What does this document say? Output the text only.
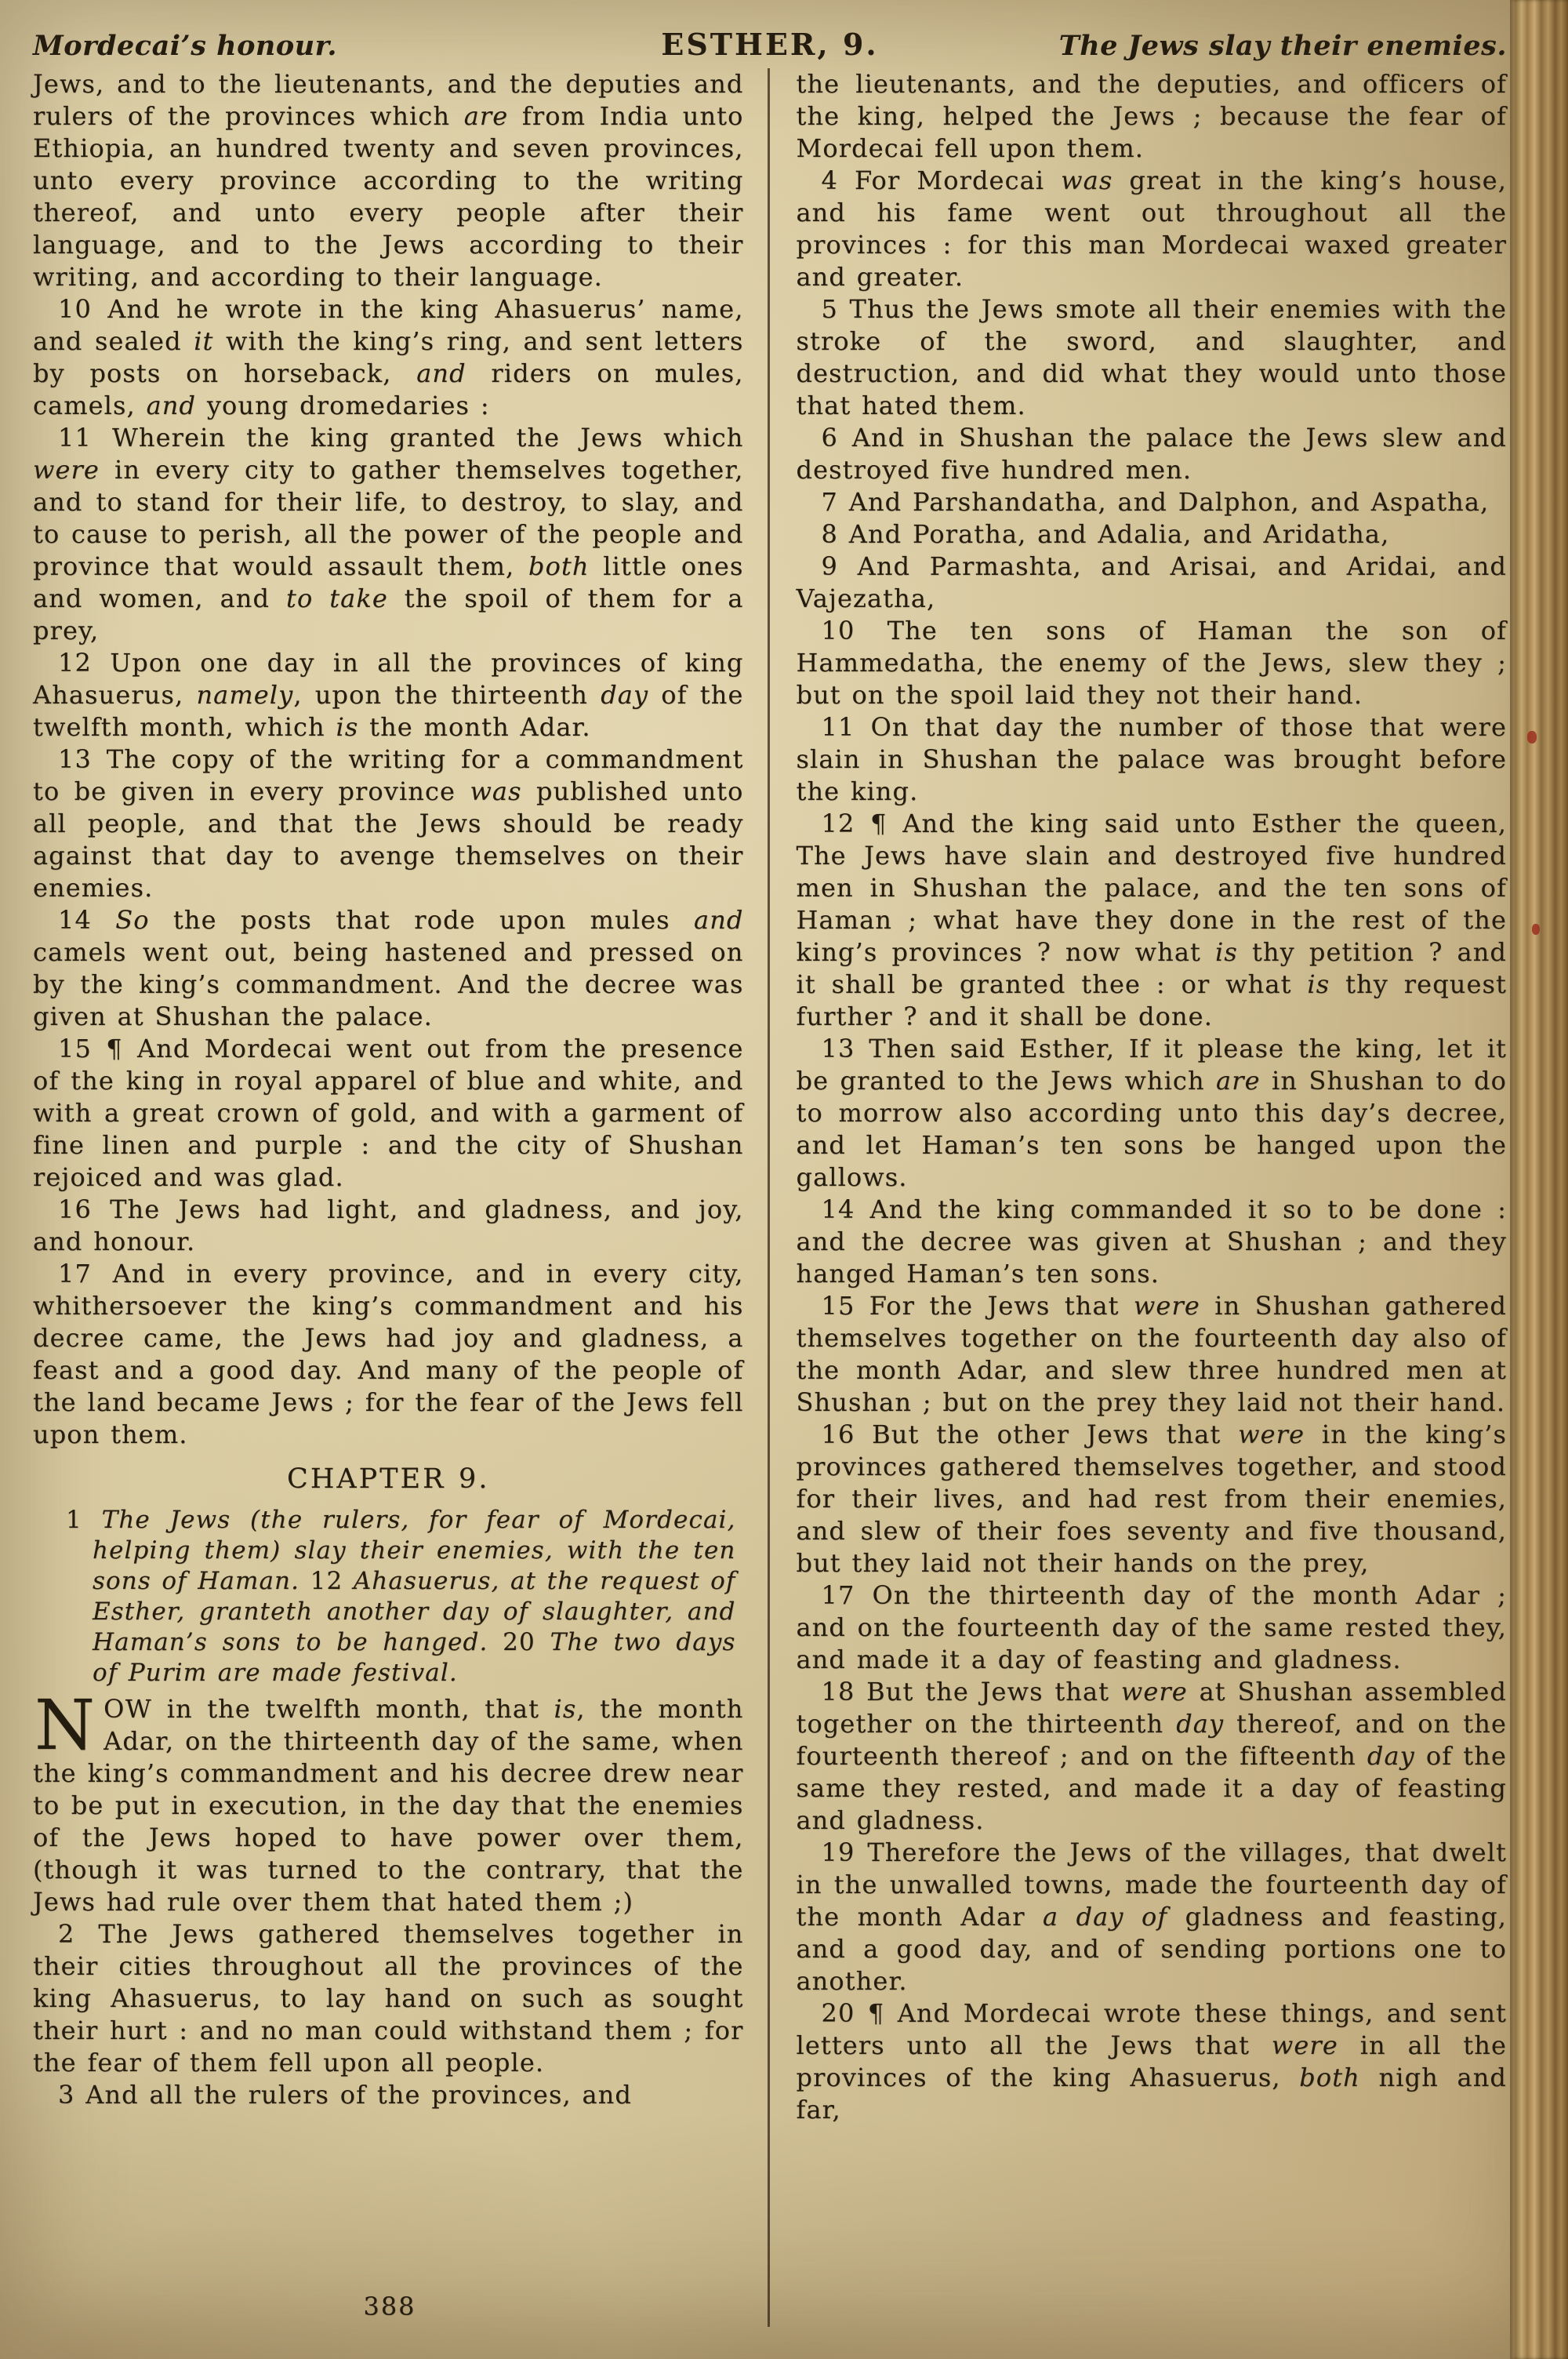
Mordecai’s honour.	ESTHER, 9.	The Jews slay their enemies.

Jews, and to the lieutenants, and the deputies and rulers of the provinces which are from India unto Ethiopia, an hundred twenty and seven provinces, unto every province according to the writing thereof, and unto every people after their language, and to the Jews according to their writing, and according to their language.

10 And he wrote in the king Ahasuerus’ name, and sealed it with the king’s ring, and sent letters by posts on horseback, and riders on mules, camels, and young dromedaries :

11 Wherein the king granted the Jews which were in every city to gather themselves together, and to stand for their life, to destroy, to slay, and to cause to perish, all the power of the people and province that would assault them, both little ones and women, and to take the spoil of them for a prey,

12 Upon one day in all the provinces of king Ahasuerus, namely, upon the thirteenth day of the twelfth month, which is the month Adar.

13 The copy of the writing for a commandment to be given in every province was published unto all people, and that the Jews should be ready against that day to avenge themselves on their enemies.

14 So the posts that rode upon mules and camels went out, being hastened and pressed on by the king’s commandment. And the decree was given at Shushan the palace.

15 ¶ And Mordecai went out from the presence of the king in royal apparel of blue and white, and with a great crown of gold, and with a garment of fine linen and purple : and the city of Shushan rejoiced and was glad.

16 The Jews had light, and gladness, and joy, and honour.

17 And in every province, and in every city, whithersoever the king’s commandment and his decree came, the Jews had joy and gladness, a feast and a good day. And many of the people of the land became Jews ; for the fear of the Jews fell upon them.

CHAPTER 9.

1 The Jews (the rulers, for fear of Mordecai, helping them) slay their enemies, with the ten sons of Haman. 12 Ahasuerus, at the request of Esther, granteth another day of slaughter, and Haman’s sons to be hanged. 20 The two days of Purim are made festival.

NOW in the twelfth month, that is, the month Adar, on the thirteenth day of the same, when the king’s commandment and his decree drew near to be put in execution, in the day that the enemies of the Jews hoped to have power over them, (though it was turned to the contrary, that the Jews had rule over them that hated them ;)

2 The Jews gathered themselves together in their cities throughout all the provinces of the king Ahasuerus, to lay hand on such as sought their hurt : and no man could withstand them ; for the fear of them fell upon all people.

3 And all the rulers of the provinces, and

the lieutenants, and the deputies, and officers of the king, helped the Jews ; because the fear of Mordecai fell upon them.

4 For Mordecai was great in the king’s house, and his fame went out throughout all the provinces : for this man Mordecai waxed greater and greater.

5 Thus the Jews smote all their enemies with the stroke of the sword, and slaughter, and destruction, and did what they would unto those that hated them.

6 And in Shushan the palace the Jews slew and destroyed five hundred men.

7 And Parshandatha, and Dalphon, and Aspatha,

8 And Poratha, and Adalia, and Aridatha,

9 And Parmashta, and Arisai, and Aridai, and Vajezatha,

10 The ten sons of Haman the son of Hammedatha, the enemy of the Jews, slew they ; but on the spoil laid they not their hand.

11 On that day the number of those that were slain in Shushan the palace was brought before the king.

12 ¶ And the king said unto Esther the queen, The Jews have slain and destroyed five hundred men in Shushan the palace, and the ten sons of Haman ; what have they done in the rest of the king’s provinces ? now what is thy petition ? and it shall be granted thee : or what is thy request further ? and it shall be done.

13 Then said Esther, If it please the king, let it be granted to the Jews which are in Shushan to do to morrow also according unto this day’s decree, and let Haman’s ten sons be hanged upon the gallows.

14 And the king commanded it so to be done : and the decree was given at Shushan ; and they hanged Haman’s ten sons.

15 For the Jews that were in Shushan gathered themselves together on the fourteenth day also of the month Adar, and slew three hundred men at Shushan ; but on the prey they laid not their hand.

16 But the other Jews that were in the king’s provinces gathered themselves together, and stood for their lives, and had rest from their enemies, and slew of their foes seventy and five thousand, but they laid not their hands on the prey,

17 On the thirteenth day of the month Adar ; and on the fourteenth day of the same rested they, and made it a day of feasting and gladness.

18 But the Jews that were at Shushan assembled together on the thirteenth day thereof, and on the fourteenth thereof ; and on the fifteenth day of the same they rested, and made it a day of feasting and gladness.

19 Therefore the Jews of the villages, that dwelt in the unwalled towns, made the fourteenth day of the month Adar a day of gladness and feasting, and a good day, and of sending portions one to another.

20 ¶ And Mordecai wrote these things, and sent letters unto all the Jews that were in all the provinces of the king Ahasuerus, both nigh and far,

388
